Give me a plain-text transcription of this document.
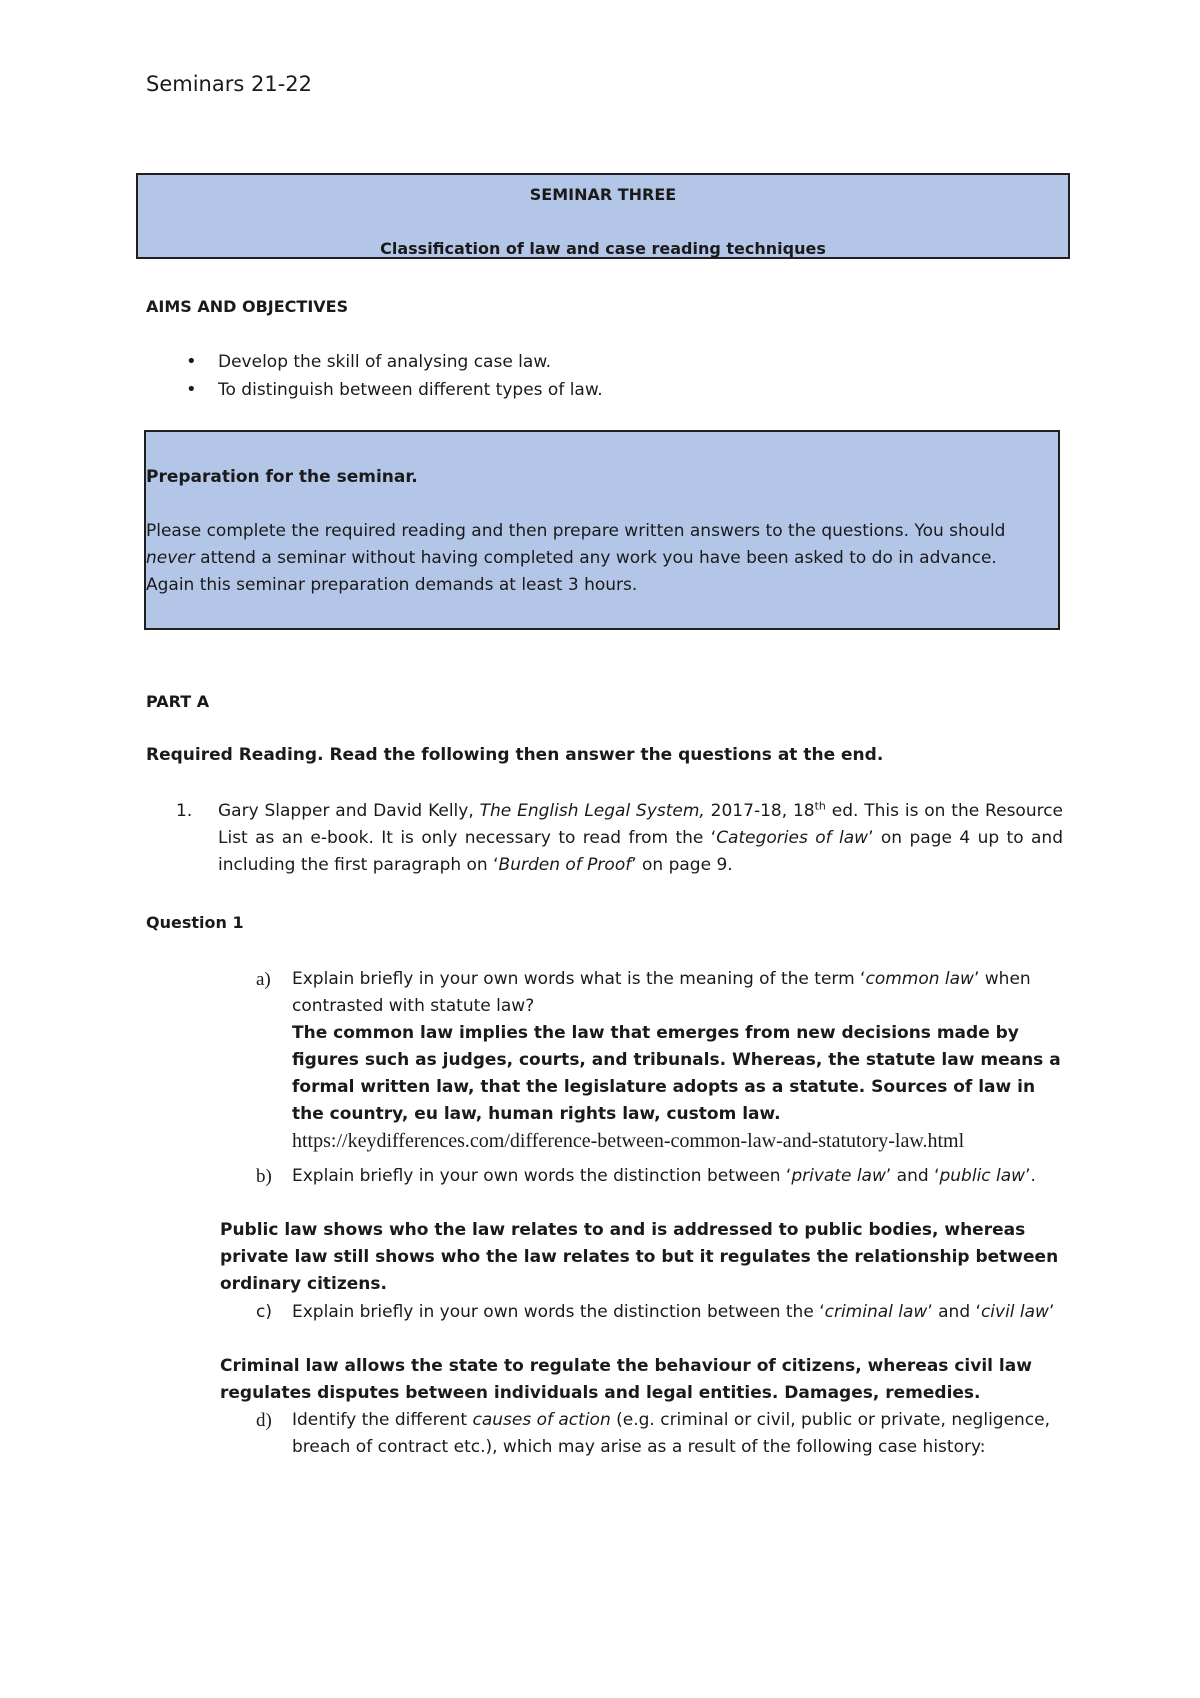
Seminars 21-22

SEMINAR THREE
Classification of law and case reading techniques

AIMS AND OBJECTIVES

• Develop the skill of analysing case law.
• To distinguish between different types of law.
Preparation for the seminar.
Please complete the required reading and then prepare written answers to the questions. You should never attend a seminar without having completed any work you have been asked to do in advance. Again this seminar preparation demands at least 3 hours.

PART A

Required Reading. Read the following then answer the questions at the end.

1. Gary Slapper and David Kelly, The English Legal System, 2017-18, 18th ed. This is on the Resource List as an e-book. It is only necessary to read from the ‘Categories of law’ on page 4 up to and including the first paragraph on ‘Burden of Proof’ on page 9.

Question 1

a) Explain briefly in your own words what is the meaning of the term ‘common law’ when contrasted with statute law?
The common law implies the law that emerges from new decisions made by figures such as judges, courts, and tribunals. Whereas, the statute law means a formal written law, that the legislature adopts as a statute. Sources of law in the country, eu law, human rights law, custom law. https://keydifferences.com/difference-between-common-law-and-statutory-law.html
b) Explain briefly in your own words the distinction between ‘private law’ and ‘public law’.
Public law shows who the law relates to and is addressed to public bodies, whereas private law still shows who the law relates to but it regulates the relationship between ordinary citizens.
c) Explain briefly in your own words the distinction between the ‘criminal law’ and ‘civil law’
Criminal law allows the state to regulate the behaviour of citizens, whereas civil law regulates disputes between individuals and legal entities. Damages, remedies.
d) Identify the different causes of action (e.g. criminal or civil, public or private, negligence, breach of contract etc.), which may arise as a result of the following case history:
